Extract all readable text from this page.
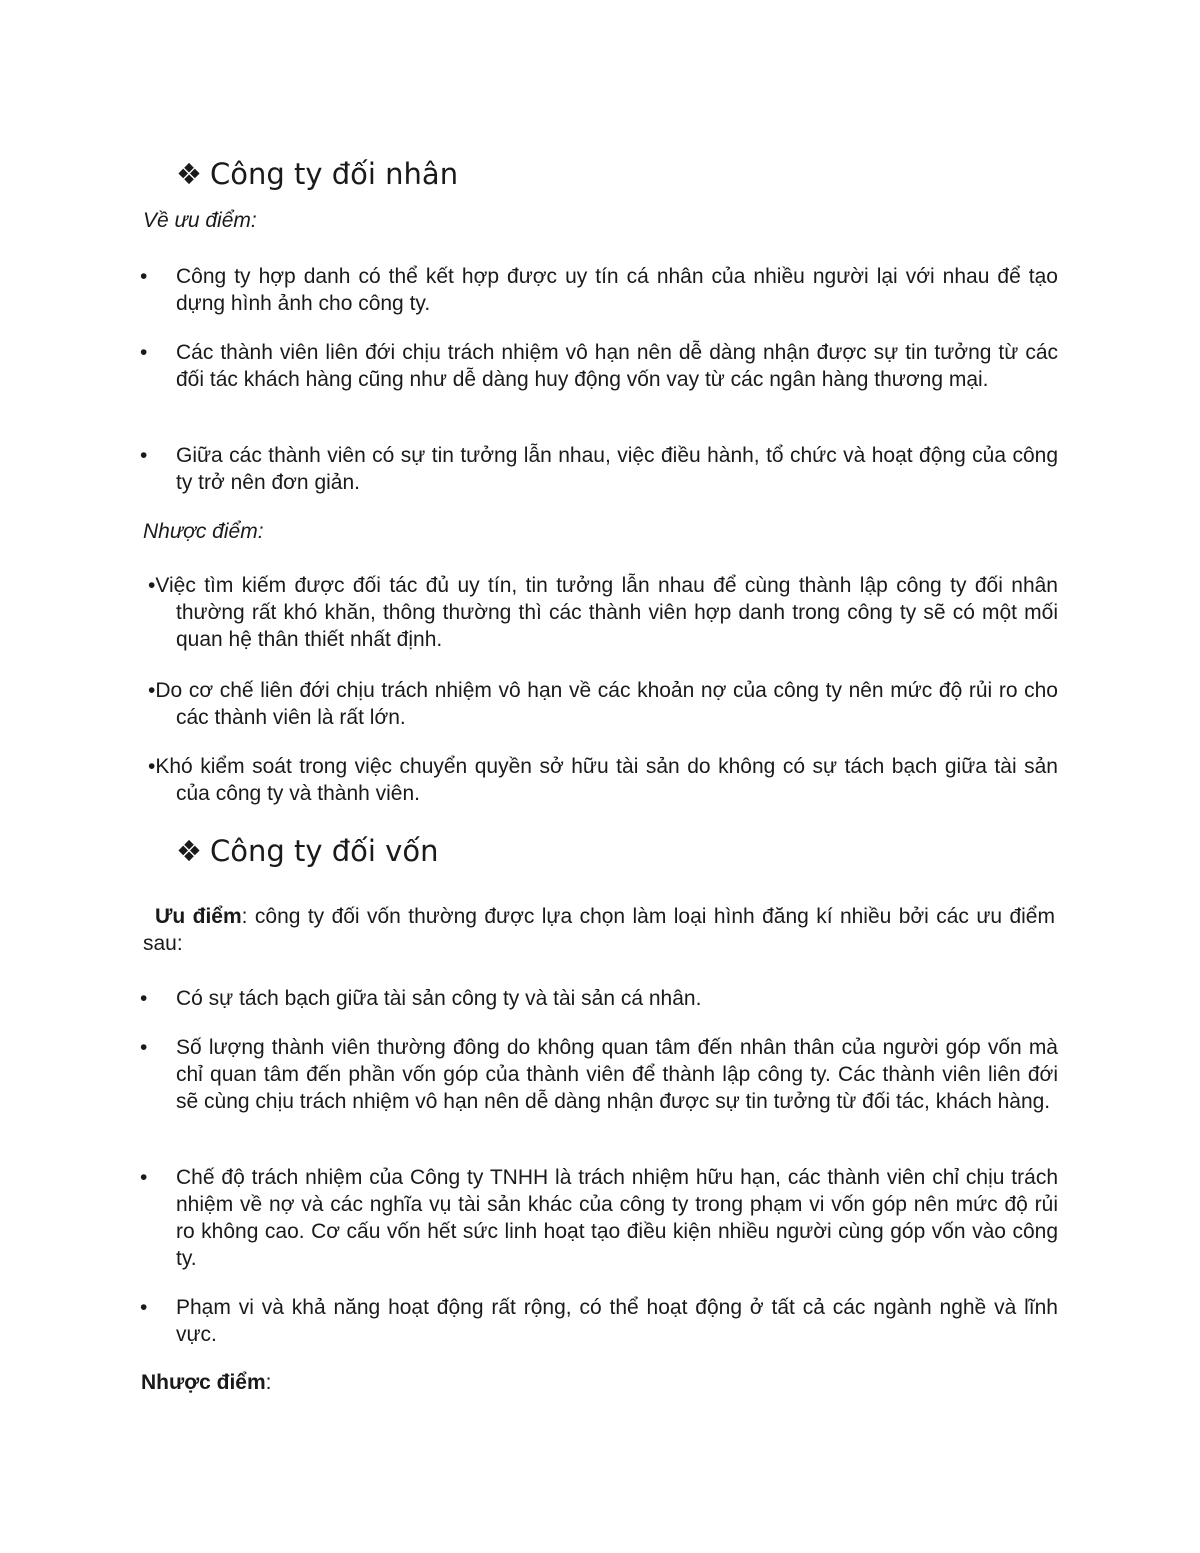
❖ Công ty đối nhân

Về ưu điểm:

• Công ty hợp danh có thể kết hợp được uy tín cá nhân của nhiều người lại với nhau để tạo dựng hình ảnh cho công ty.
• Các thành viên liên đới chịu trách nhiệm vô hạn nên dễ dàng nhận được sự tin tưởng từ các đối tác khách hàng cũng như dễ dàng huy động vốn vay từ các ngân hàng thương mại.
• Giữa các thành viên có sự tin tưởng lẫn nhau, việc điều hành, tổ chức và hoạt động của công ty trở nên đơn giản.

Nhược điểm:

•Việc tìm kiếm được đối tác đủ uy tín, tin tưởng lẫn nhau để cùng thành lập công ty đối nhân thường rất khó khăn, thông thường thì các thành viên hợp danh trong công ty sẽ có một mối quan hệ thân thiết nhất định.
•Do cơ chế liên đới chịu trách nhiệm vô hạn về các khoản nợ của công ty nên mức độ rủi ro cho các thành viên là rất lớn.
•Khó kiểm soát trong việc chuyển quyền sở hữu tài sản do không có sự tách bạch giữa tài sản của công ty và thành viên.
❖ Công ty đối vốn

Ưu điểm: công ty đối vốn thường được lựa chọn làm loại hình đăng kí nhiều bởi các ưu điểm sau:

• Có sự tách bạch giữa tài sản công ty và tài sản cá nhân.
• Số lượng thành viên thường đông do không quan tâm đến nhân thân của người góp vốn mà chỉ quan tâm đến phần vốn góp của thành viên để thành lập công ty. Các thành viên liên đới sẽ cùng chịu trách nhiệm vô hạn nên dễ dàng nhận được sự tin tưởng từ đối tác, khách hàng.
• Chế độ trách nhiệm của Công ty TNHH là trách nhiệm hữu hạn, các thành viên chỉ chịu trách nhiệm về nợ và các nghĩa vụ tài sản khác của công ty trong phạm vi vốn góp nên mức độ rủi ro không cao. Cơ cấu vốn hết sức linh hoạt tạo điều kiện nhiều người cùng góp vốn vào công ty.
• Phạm vi và khả năng hoạt động rất rộng, có thể hoạt động ở tất cả các ngành nghề và lĩnh vực.
Nhược điểm:
